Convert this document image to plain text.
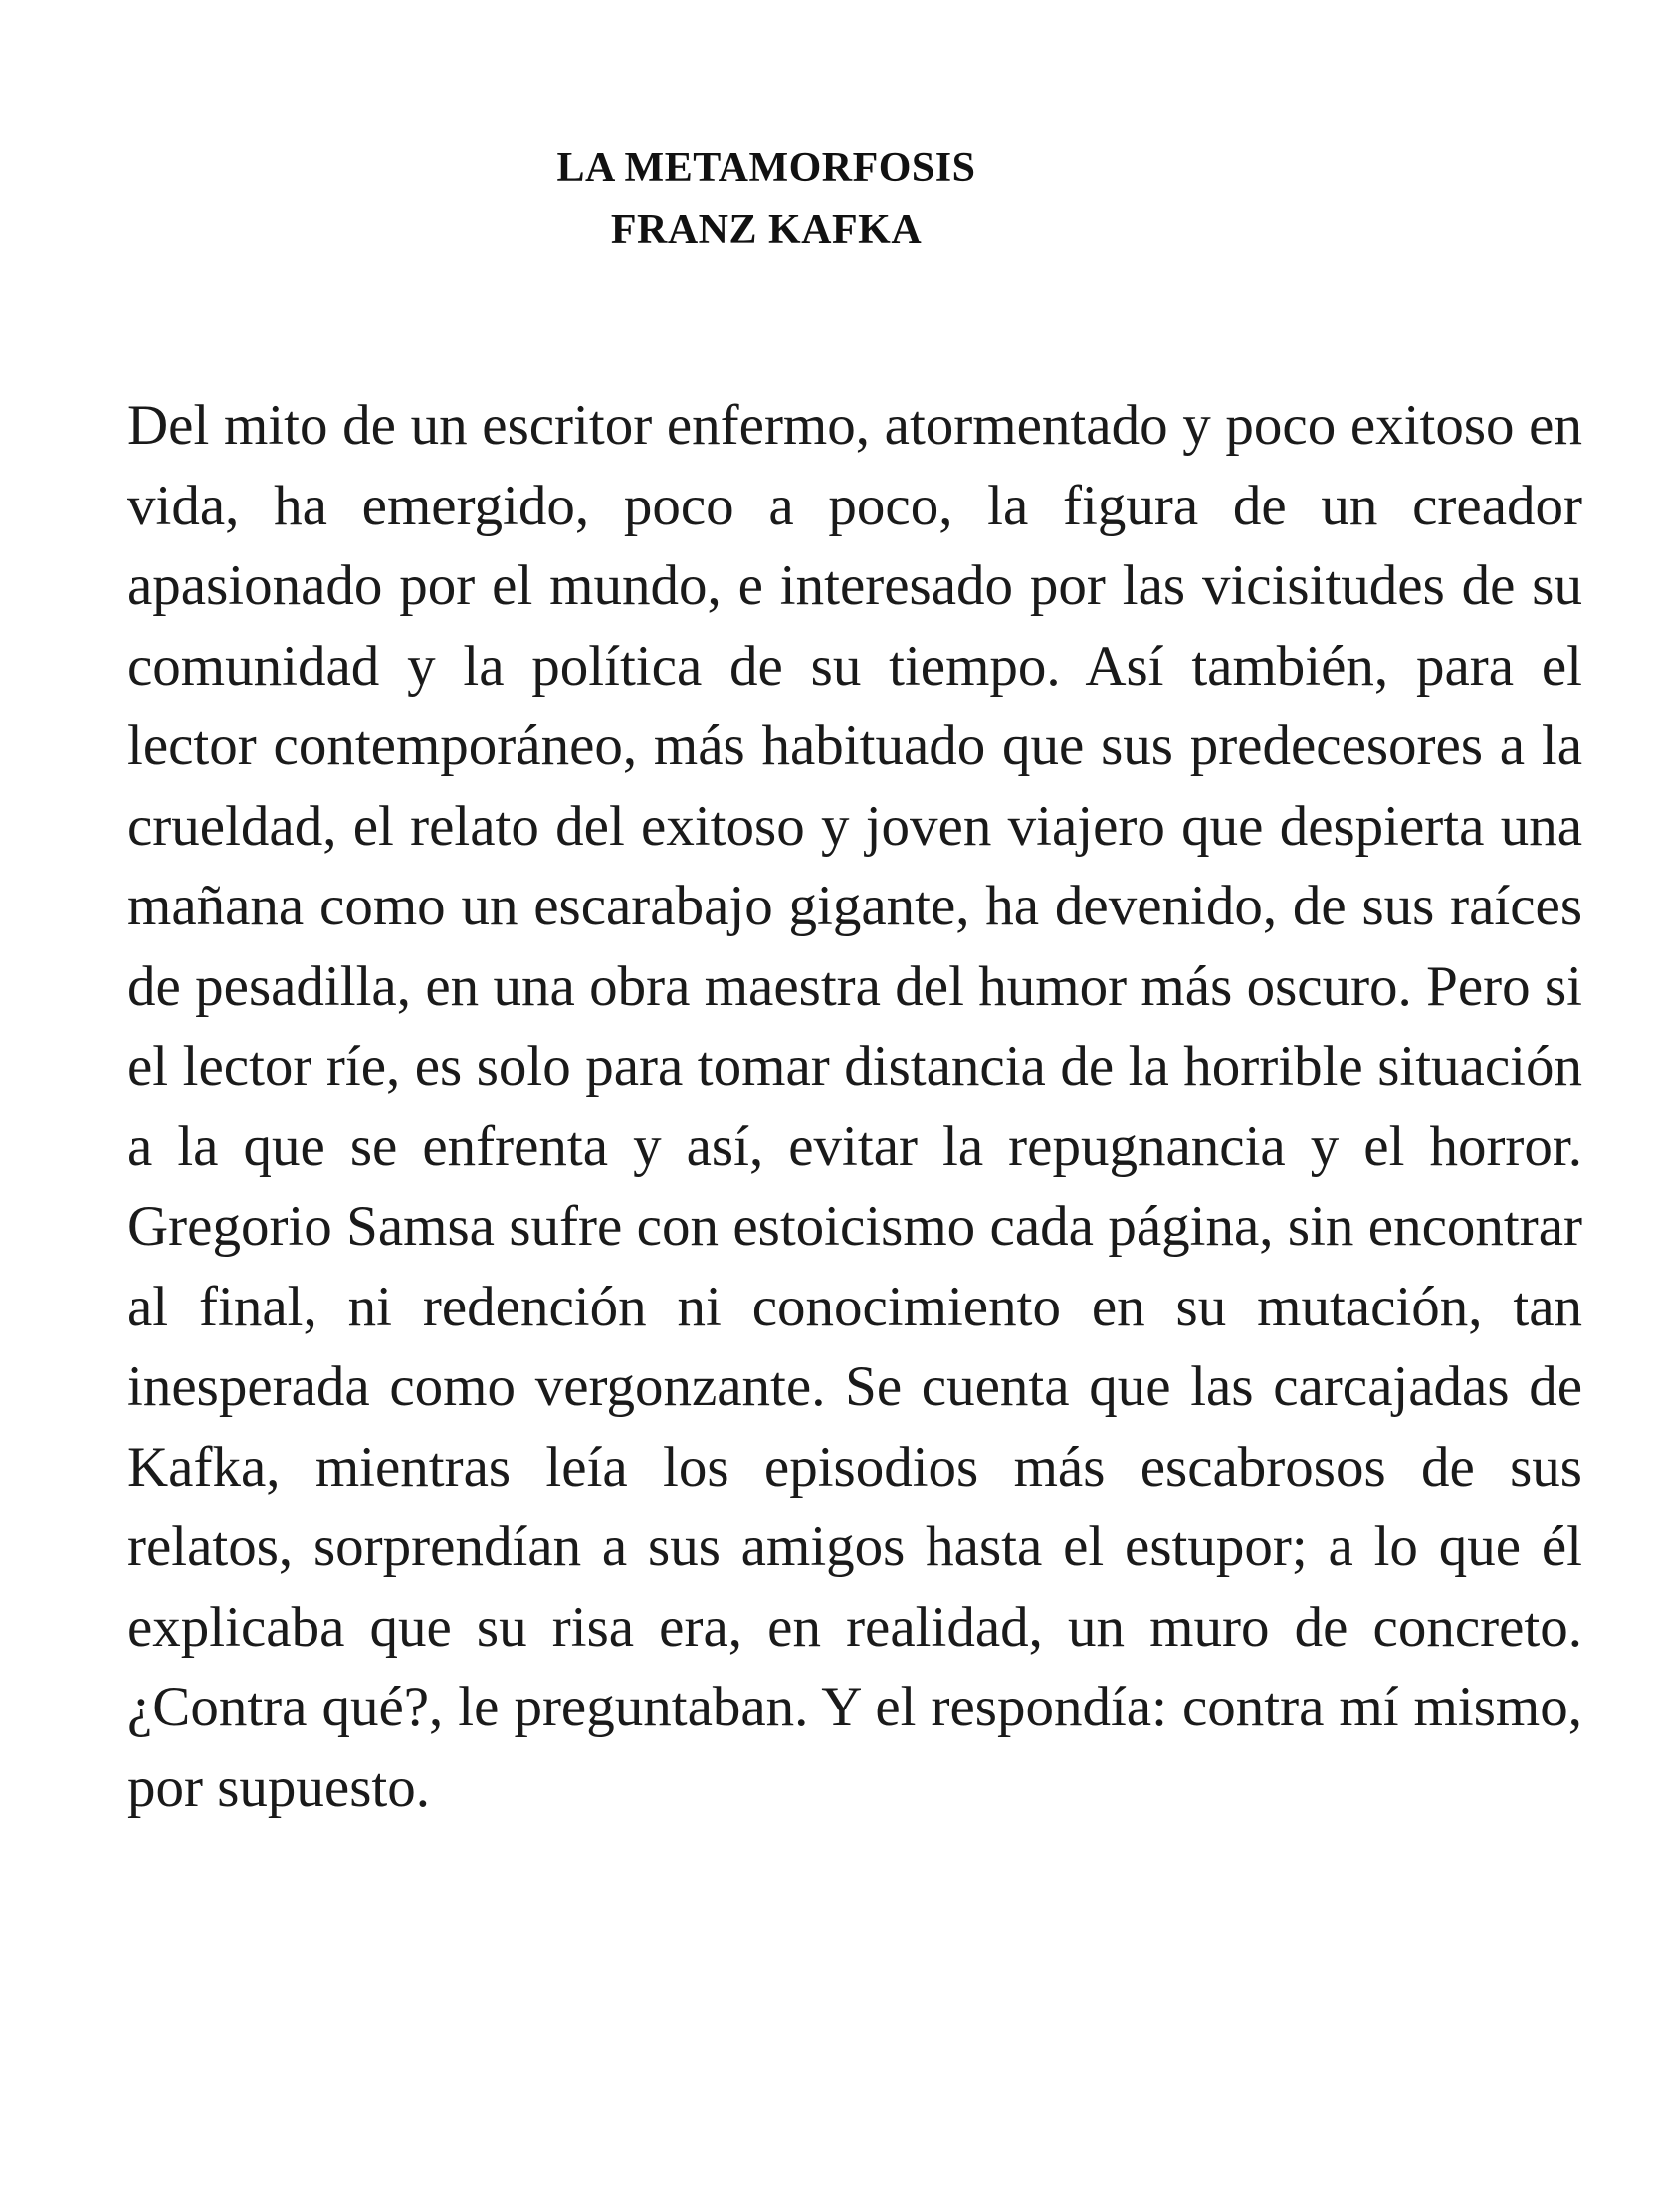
LA METAMORFOSIS
FRANZ KAFKA

Del mito de un escritor enfermo, atormentado y poco exitoso en vida, ha emergido, poco a poco, la figura de un creador apasionado por el mundo, e interesado por las vicisitudes de su comunidad y la política de su tiempo. Así también, para el lector contemporáneo, más habituado que sus predecesores a la crueldad, el relato del exitoso y joven viajero que despierta una mañana como un escarabajo gigante, ha devenido, de sus raíces de pesadilla, en una obra maestra del humor más oscuro. Pero si el lector ríe, es solo para tomar distancia de la horrible situación a la que se enfrenta y así, evitar la repugnancia y el horror. Gregorio Samsa sufre con estoicismo cada página, sin encontrar al final, ni redención ni conocimiento en su mutación, tan inesperada como vergonzante. Se cuenta que las carcajadas de Kafka, mientras leía los episodios más escabrosos de sus relatos, sorprendían a sus amigos hasta el estupor; a lo que él explicaba que su risa era, en realidad, un muro de concreto. ¿Contra qué?, le preguntaban. Y el respondía: contra mí mismo, por supuesto.
